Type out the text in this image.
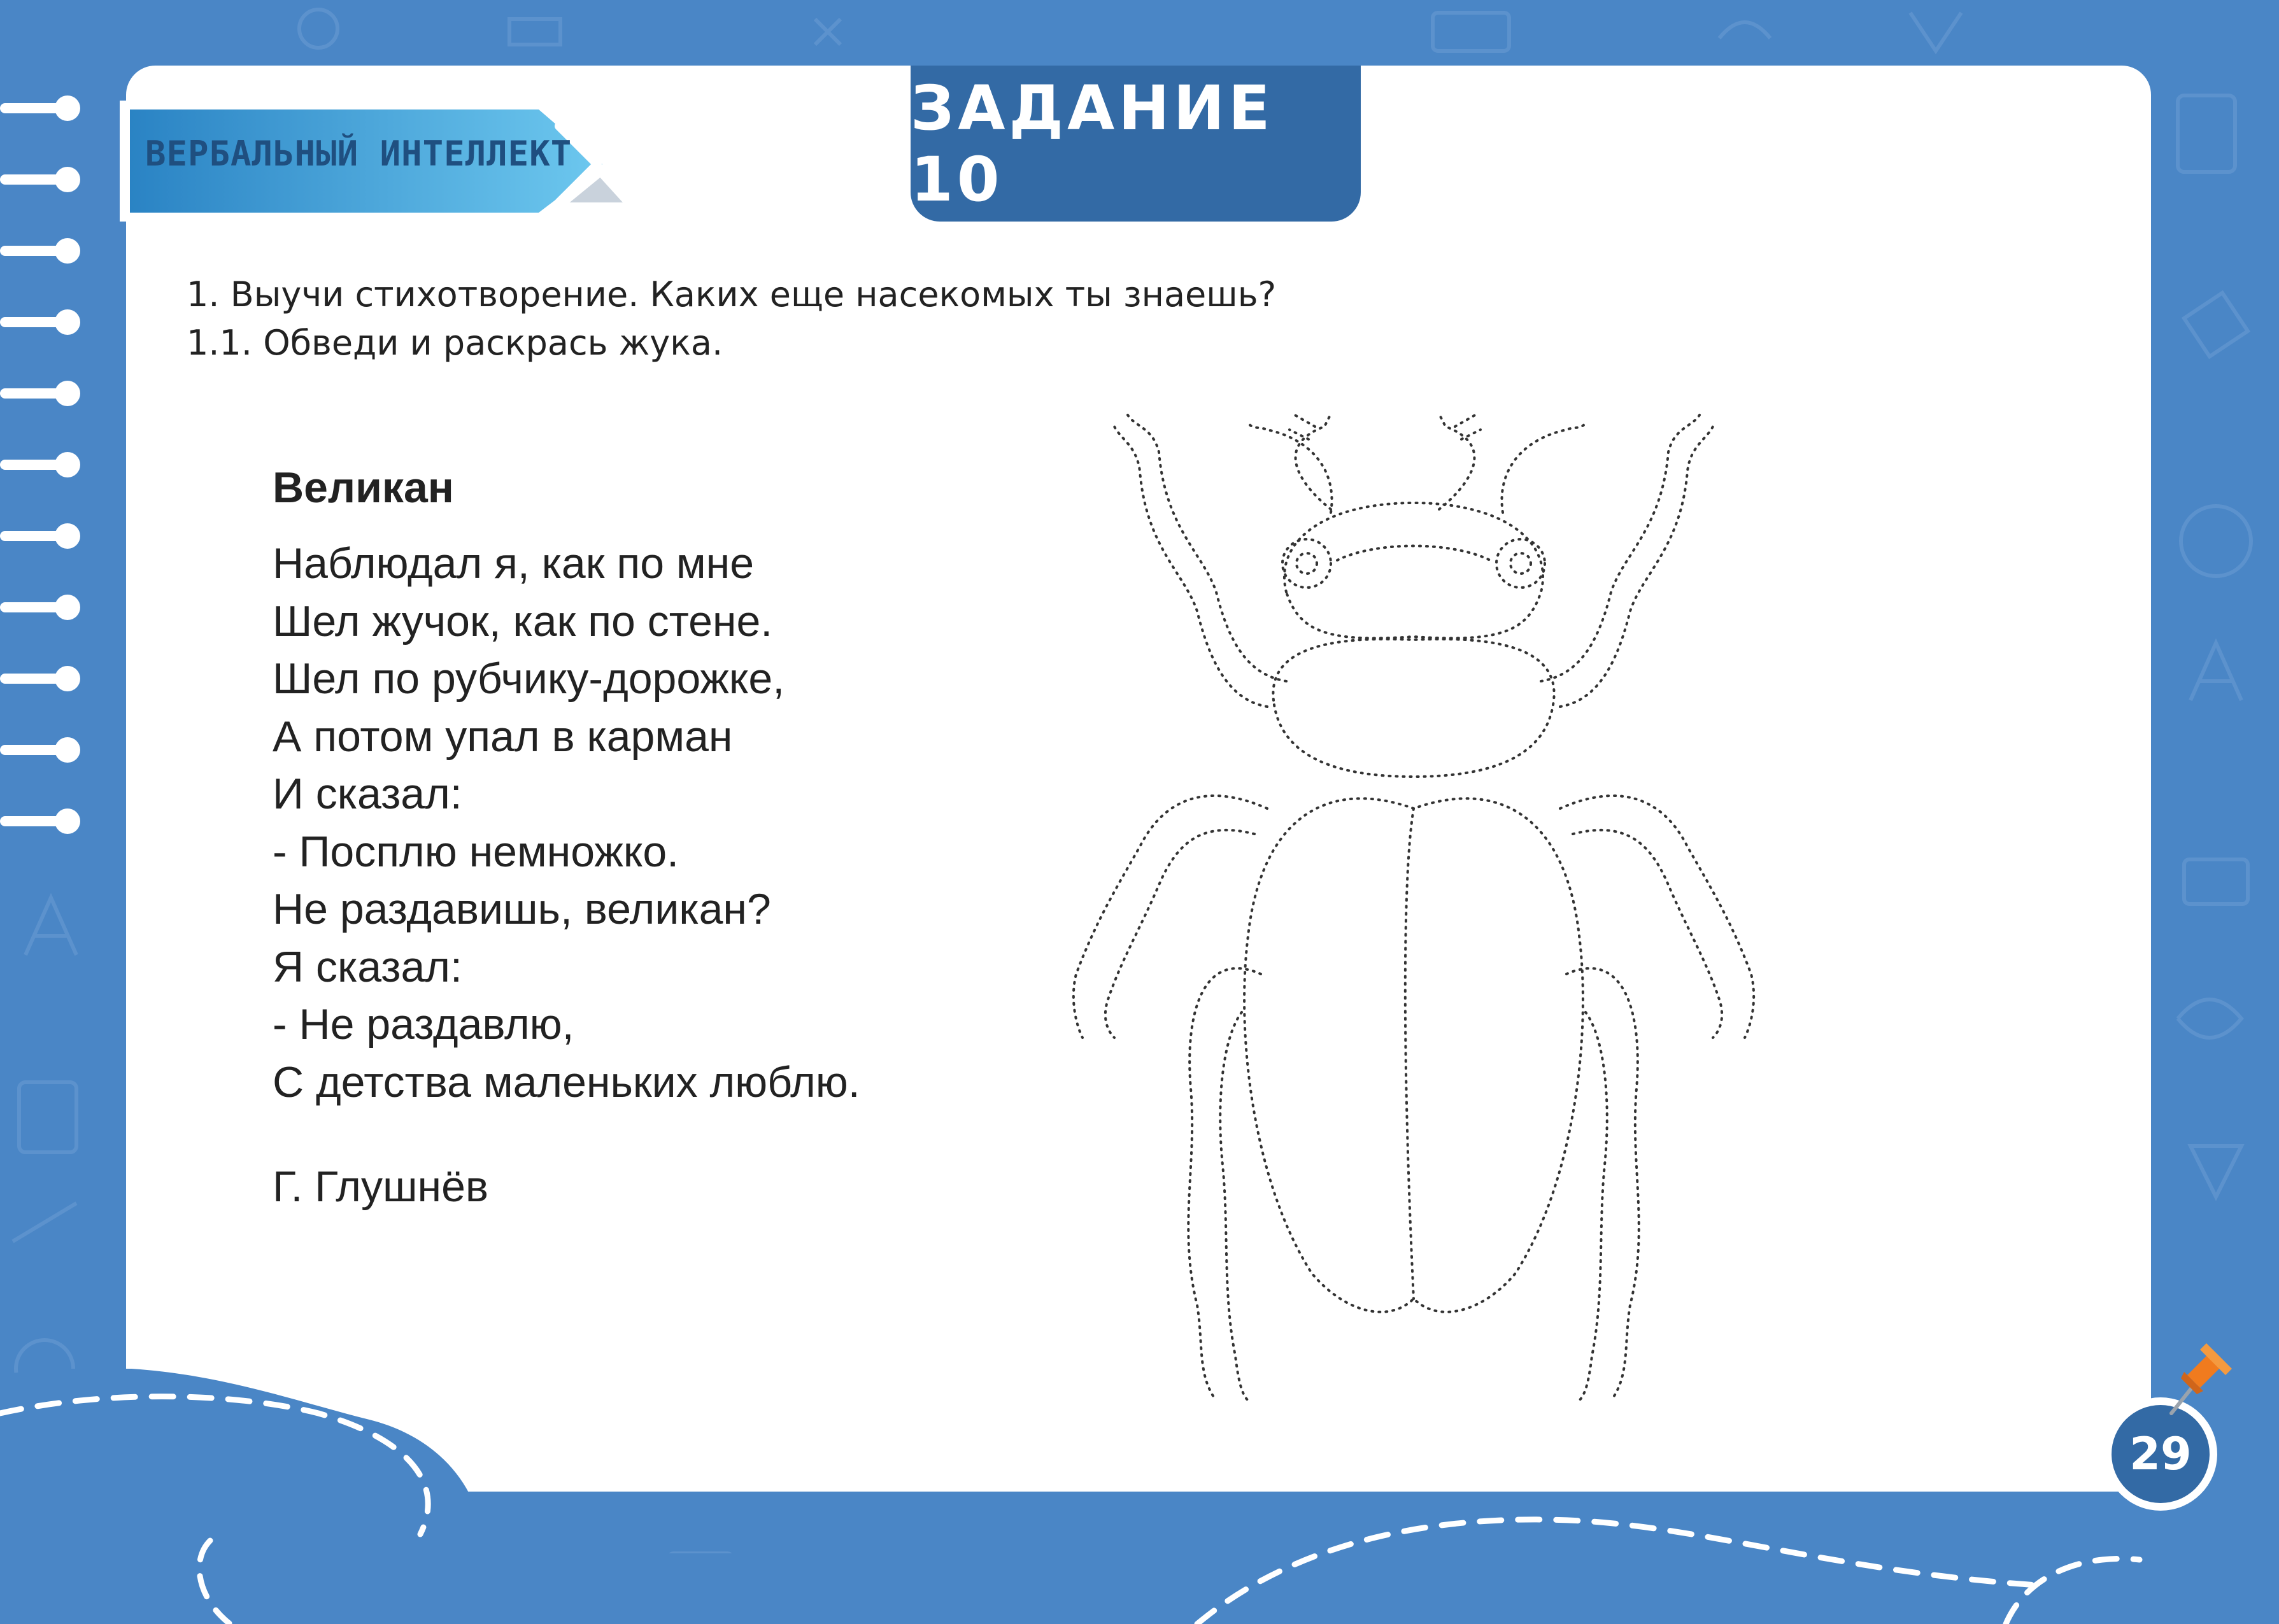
ЗАДАНИЕ 10
ВЕРБАЛЬНЫЙ ИНТЕЛЛЕКТ
1. Выучи стихотворение. Каких еще насекомых ты знаешь?
1.1. Обведи и раскрась жука.
Великан
Наблюдал я, как по мне
Шел жучок, как по стене.
Шел по рубчику-дорожке,
А потом упал в карман
И сказал:
- Посплю немножко.
Не раздавишь, великан?
Я сказал:
- Не раздавлю,
С детства маленьких люблю.
Г. Глушнёв
29
